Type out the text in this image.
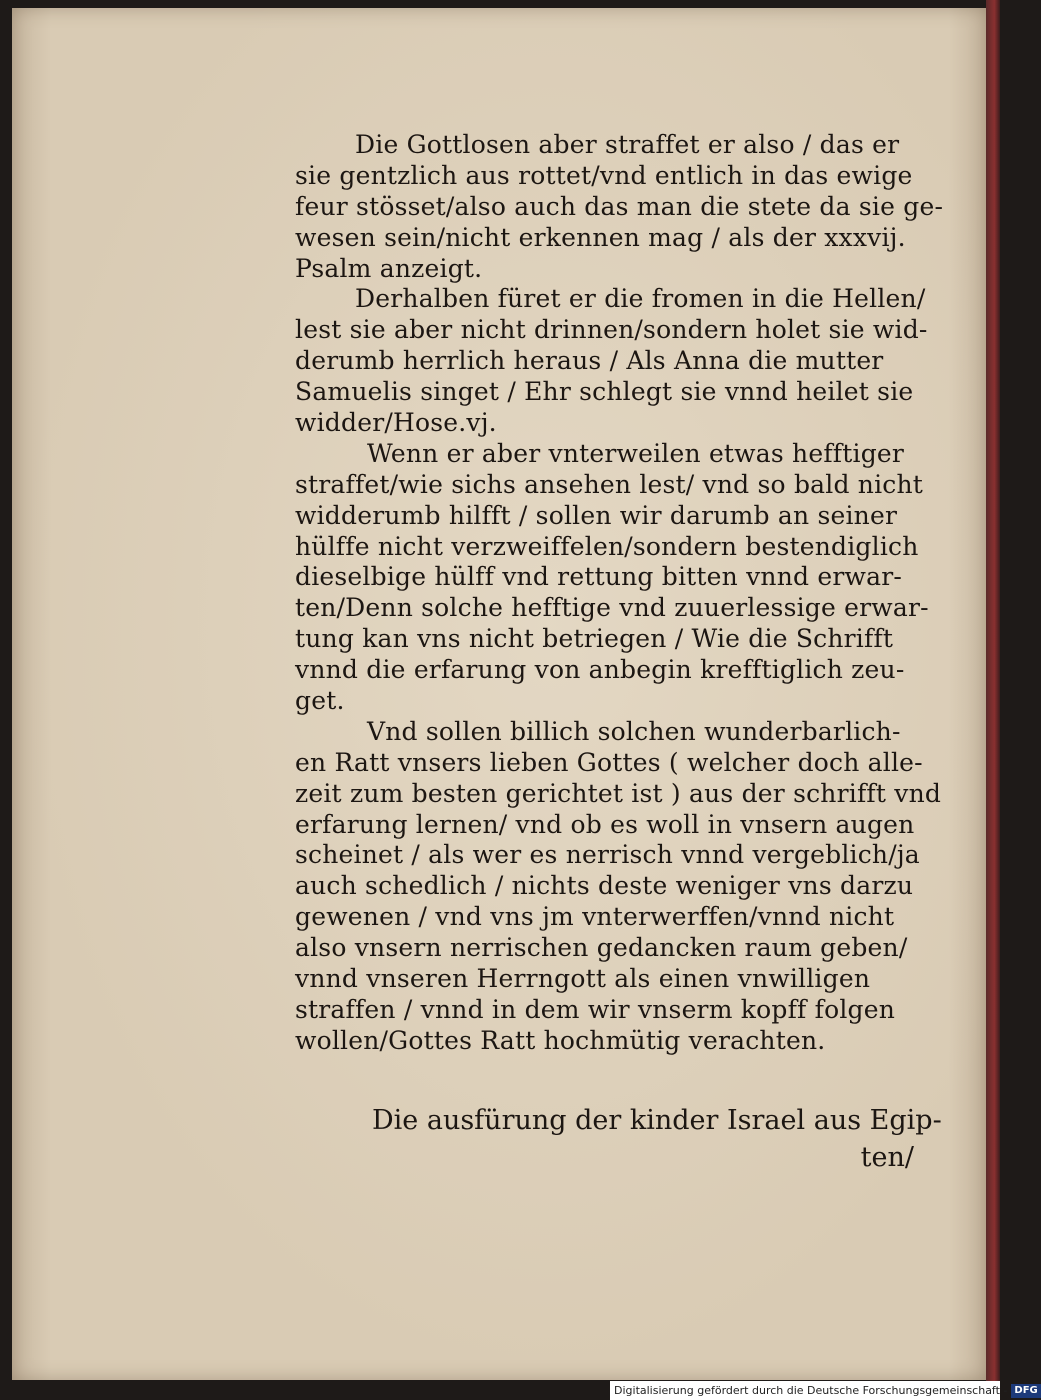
Die Gottlosen aber straffet er also / das er
sie gentzlich aus rottet/vnd entlich in das ewige
feur stösset/also auch das man die stete da sie ge-
wesen sein/nicht erkennen mag / als der xxxvij.
Psalm anzeigt.
Derhalben füret er die fromen in die Hellen/
lest sie aber nicht drinnen/sondern holet sie wid-
derumb herrlich heraus / Als Anna die mutter
Samuelis singet / Ehr schlegt sie vnnd heilet sie
widder/Hose.vj.
Wenn er aber vnterweilen etwas hefftiger
straffet/wie sichs ansehen lest/ vnd so bald nicht
widderumb hilfft / sollen wir darumb an seiner
hülffe nicht verzweiffelen/sondern bestendiglich
dieselbige hülff vnd rettung bitten vnnd erwar-
ten/Denn solche hefftige vnd zuuerlessige erwar-
tung kan vns nicht betriegen / Wie die Schrifft
vnnd die erfarung von anbegin krefftiglich zeu-
get.
Vnd sollen billich solchen wunderbarlich-
en Ratt vnsers lieben Gottes ( welcher doch alle-
zeit zum besten gerichtet ist ) aus der schrifft vnd
erfarung lernen/ vnd ob es woll in vnsern augen
scheinet / als wer es nerrisch vnnd vergeblich/ja
auch schedlich / nichts deste weniger vns darzu
gewenen / vnd vns jm vnterwerffen/vnnd nicht
also vnsern nerrischen gedancken raum geben/
vnnd vnseren Herrngott als einen vnwilligen
straffen / vnnd in dem wir vnserm kopff folgen
wollen/Gottes Ratt hochmütig verachten.
Die ausfürung der kinder Israel aus Egip-
ten/
Digitalisierung gefördert durch die Deutsche Forschungsgemeinschaft - DFG
